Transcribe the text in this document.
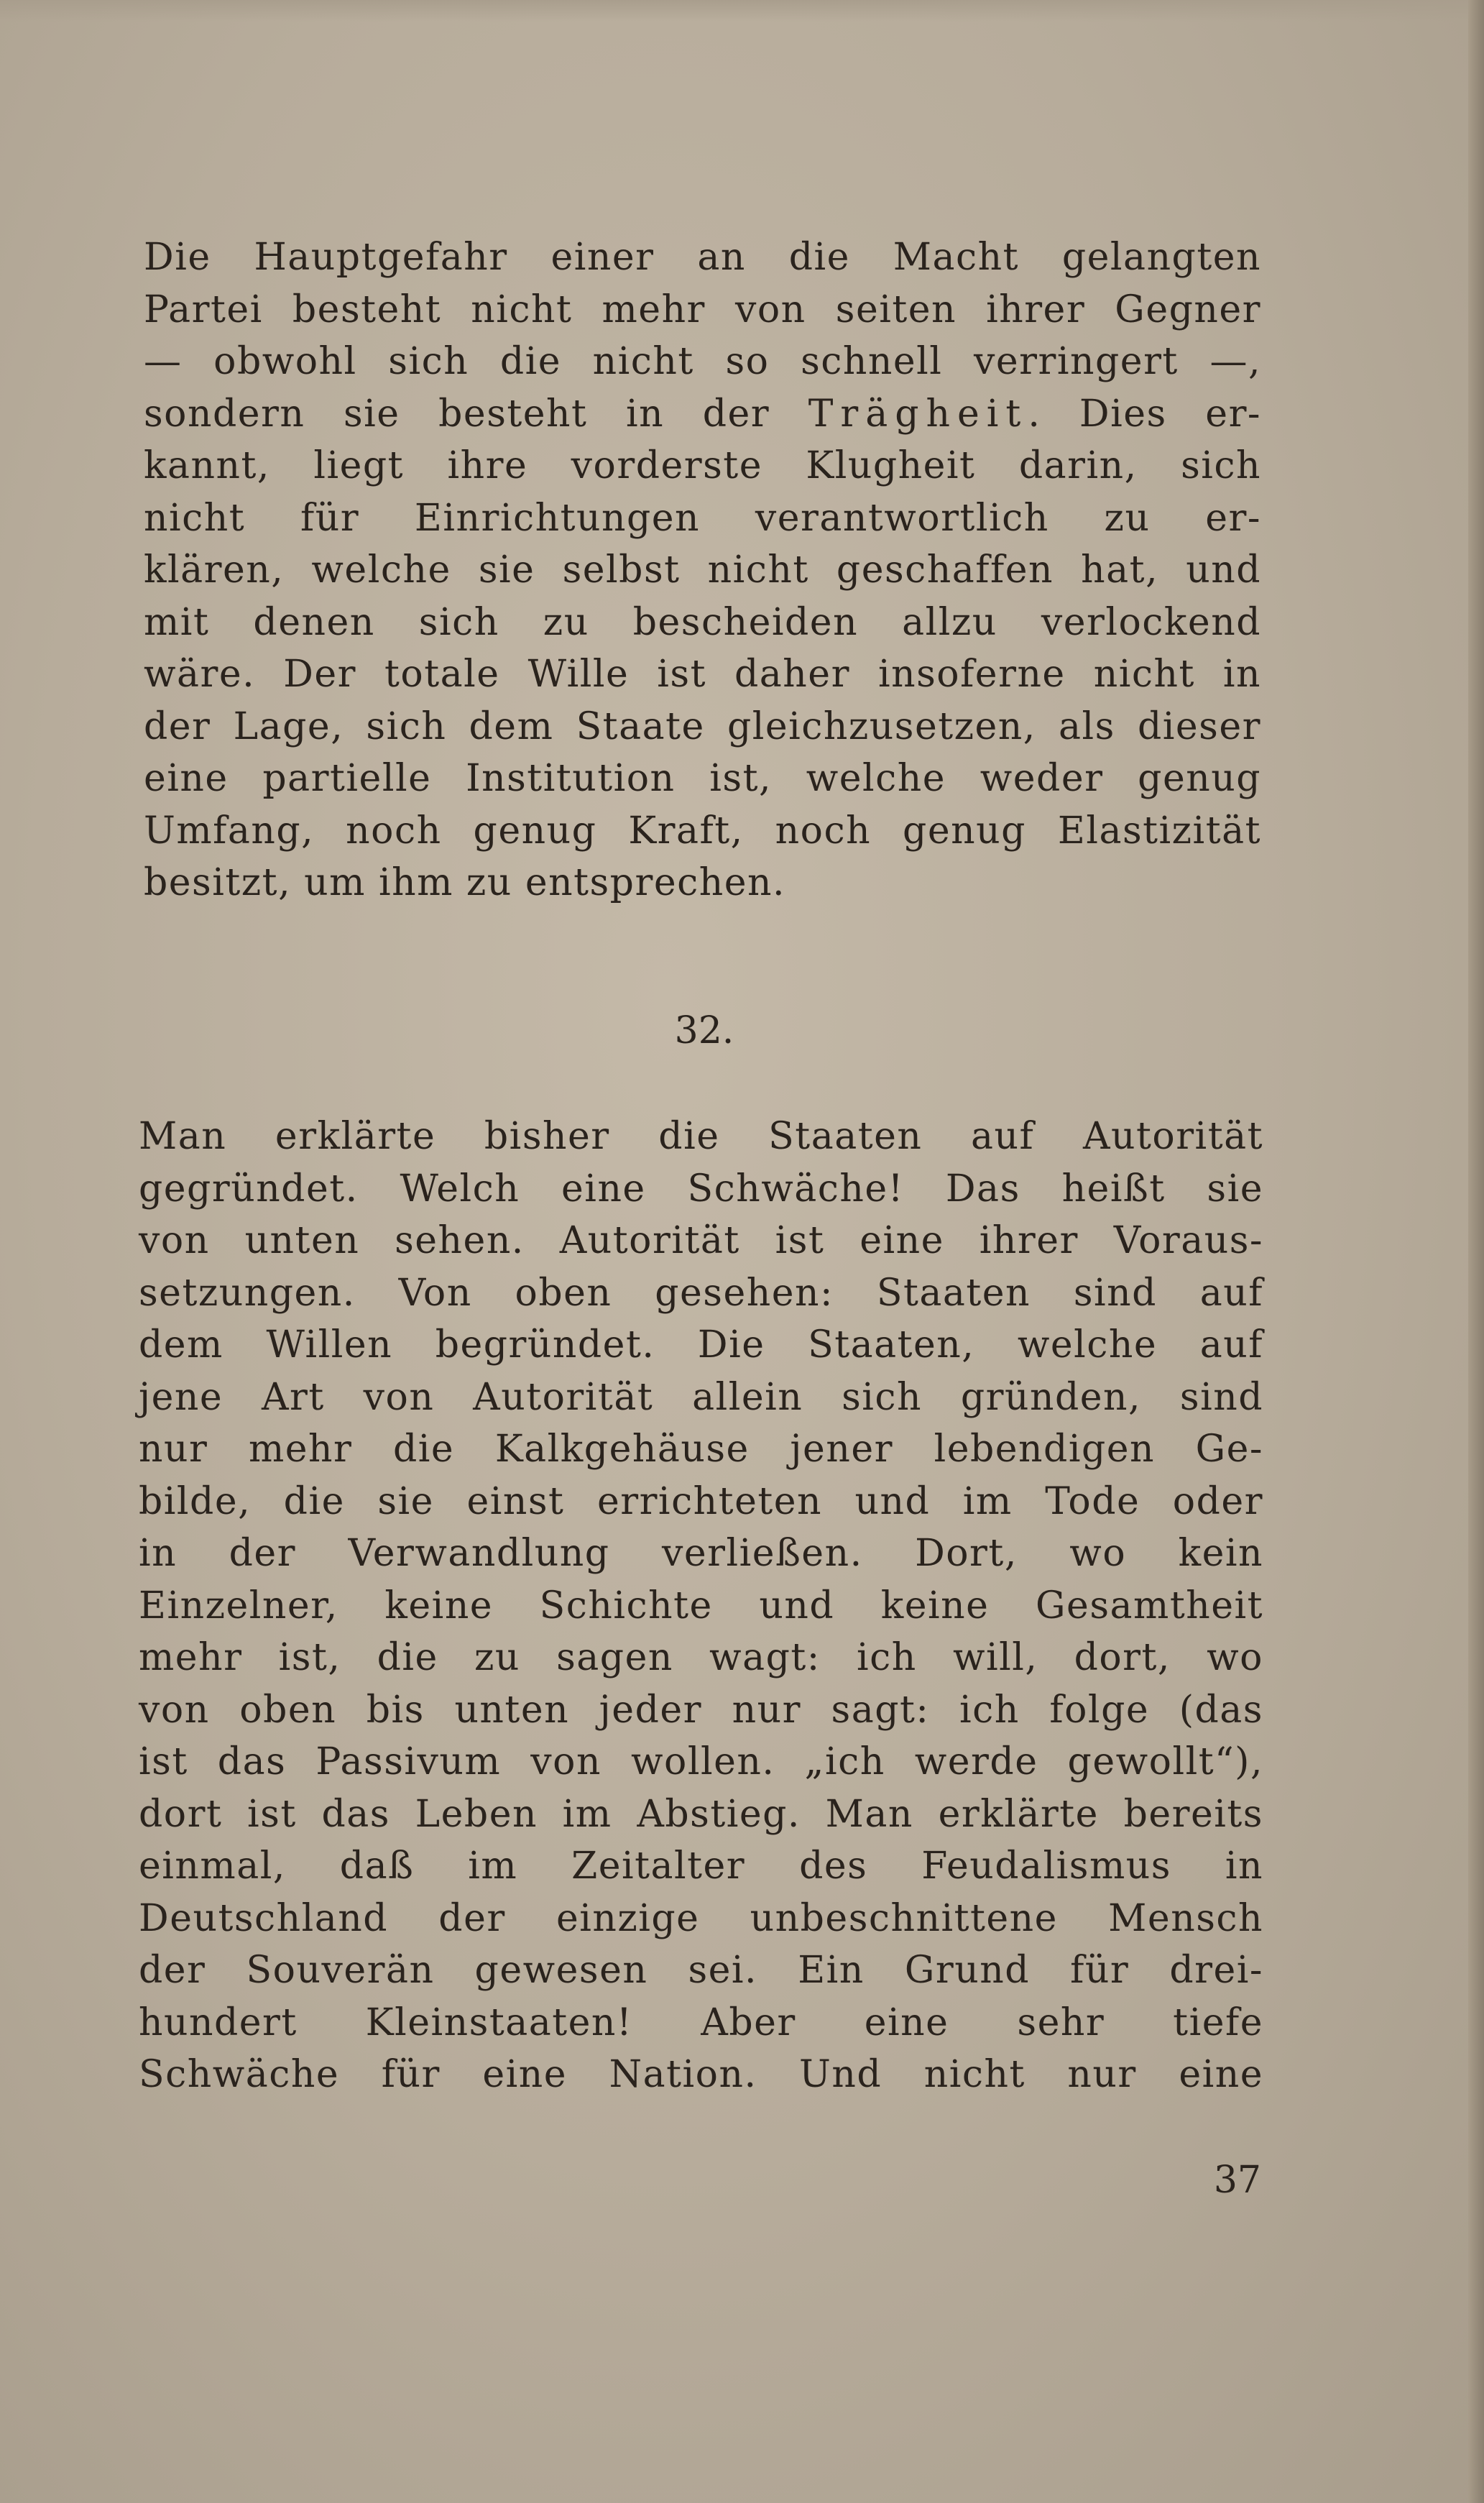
Die Hauptgefahr einer an die Macht gelangten
Partei besteht nicht mehr von seiten ihrer Gegner
— obwohl sich die nicht so schnell verringert —,
sondern sie besteht in der Trägheit. Dies er-
kannt, liegt ihre vorderste Klugheit darin, sich
nicht für Einrichtungen verantwortlich zu er-
klären, welche sie selbst nicht geschaffen hat, und
mit denen sich zu bescheiden allzu verlockend
wäre. Der totale Wille ist daher insoferne nicht in
der Lage, sich dem Staate gleichzusetzen, als dieser
eine partielle Institution ist, welche weder genug
Umfang, noch genug Kraft, noch genug Elastizität
besitzt, um ihm zu entsprechen.
32.
Man erklärte bisher die Staaten auf Autorität
gegründet. Welch eine Schwäche! Das heißt sie
von unten sehen. Autorität ist eine ihrer Voraus-
setzungen. Von oben gesehen: Staaten sind auf
dem Willen begründet. Die Staaten, welche auf
jene Art von Autorität allein sich gründen, sind
nur mehr die Kalkgehäuse jener lebendigen Ge-
bilde, die sie einst errichteten und im Tode oder
in der Verwandlung verließen. Dort, wo kein
Einzelner, keine Schichte und keine Gesamtheit
mehr ist, die zu sagen wagt: ich will, dort, wo
von oben bis unten jeder nur sagt: ich folge (das
ist das Passivum von wollen. „ich werde gewollt“),
dort ist das Leben im Abstieg. Man erklärte bereits
einmal, daß im Zeitalter des Feudalismus in
Deutschland der einzige unbeschnittene Mensch
der Souverän gewesen sei. Ein Grund für drei-
hundert Kleinstaaten! Aber eine sehr tiefe
Schwäche für eine Nation. Und nicht nur eine
37
